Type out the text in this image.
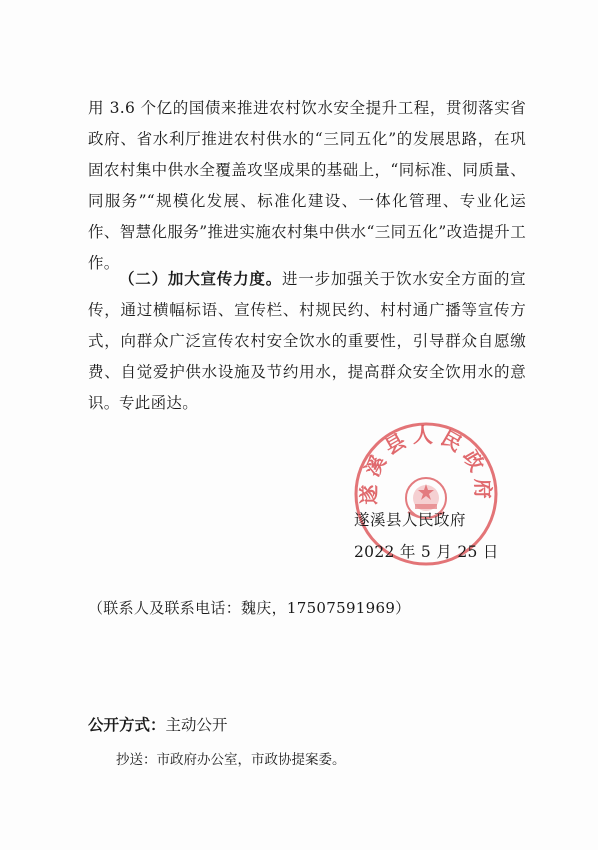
用 3.6 个亿的国债来推进农村饮水安全提升工程，贯彻落实省政府、省水利厅推进农村供水的“三同五化”的发展思路，在巩固农村集中供水全覆盖攻坚成果的基础上，“同标准、同质量、同服务”“规模化发展、标准化建设、一体化管理、专业化运作、智慧化服务”推进实施农村集中供水“三同五化”改造提升工作。

（二）加大宣传力度。进一步加强关于饮水安全方面的宣传，通过横幅标语、宣传栏、村规民约、村村通广播等宣传方式，向群众广泛宣传农村安全饮水的重要性，引导群众自愿缴费、自觉爱护供水设施及节约用水，提高群众安全饮用水的意识。 专此函达。

遂溪县人民政府
遂溪县人民政府
2022 年 5 月 25 日
（联系人及联系电话：魏庆，17507591969）
公开方式：主动公开
抄送：市政府办公室，市政协提案委。
